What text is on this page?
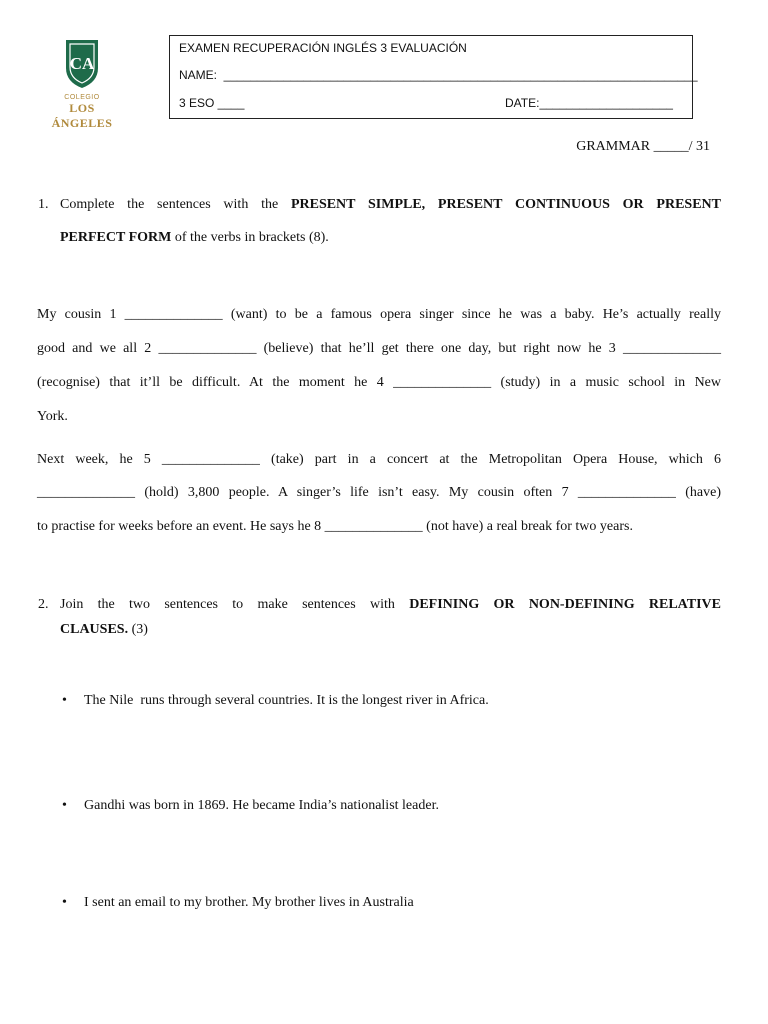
CA
COLEGIO
LOS ÁNGELES
EXAMEN RECUPERACIÓN INGLÉS 3 EVALUACIÓN
NAME:  _______________________________________________________________________
3 ESO ____	DATE:____________________
GRAMMAR _____/ 31
1. Complete the sentences with the PRESENT SIMPLE, PRESENT CONTINUOUS OR PRESENT
PERFECT FORM of the verbs in brackets (8).
My cousin 1 ______________ (want) to be a famous opera singer since he was a baby. He’s actually really
good and we all 2 ______________ (believe) that he’ll get there one day, but right now he 3 ______________
(recognise) that it’ll be difficult. At the moment he 4 ______________ (study) in a music school in New
York.
Next week, he 5 ______________ (take) part in a concert at the Metropolitan Opera House, which 6
______________ (hold) 3,800 people. A singer’s life isn’t easy. My cousin often 7 ______________ (have)
to practise for weeks before an event. He says he 8 ______________ (not have) a real break for two years.
2. Join the two sentences to make sentences with DEFINING OR NON-DEFINING RELATIVE
CLAUSES. (3)
• The Nile  runs through several countries. It is the longest river in Africa.
• Gandhi was born in 1869. He became India’s nationalist leader.
• I sent an email to my brother. My brother lives in Australia
